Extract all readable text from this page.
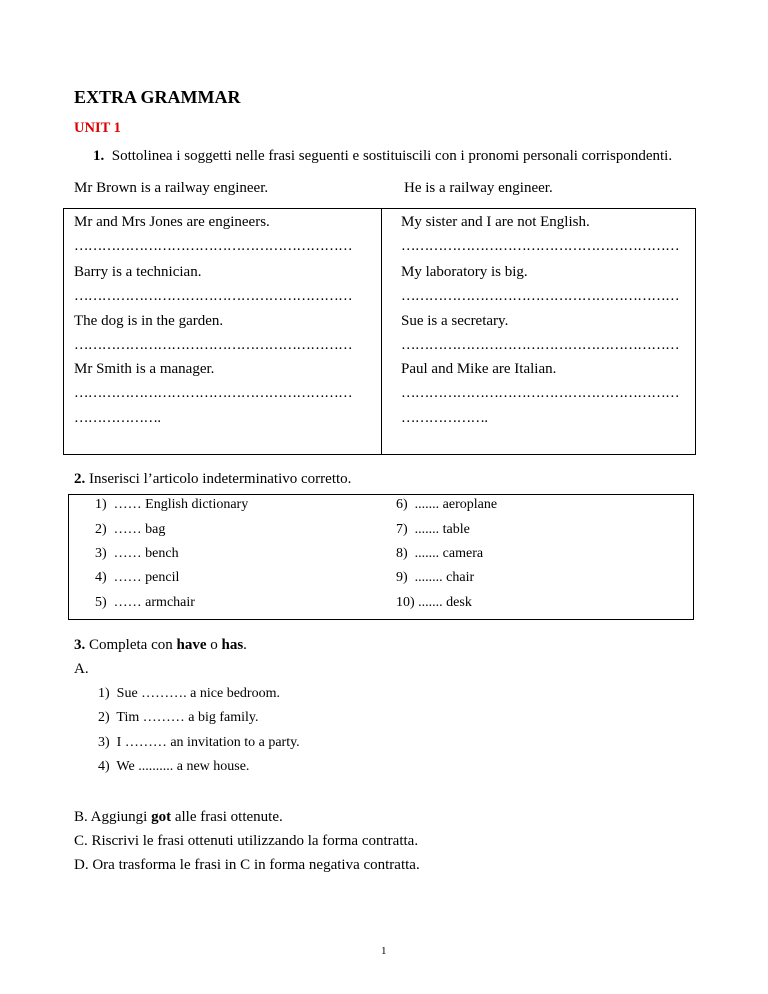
EXTRA GRAMMAR
UNIT 1
1. Sottolinea i soggetti nelle frasi seguenti e sostituiscili con i pronomi personali corrispondenti.
Mr Brown is a railway engineer.	He is a railway engineer.
Mr and Mrs Jones are engineers.
……………………………………………………
Barry is a technician.
……………………………………………………
The dog is in the garden.
……………………………………………………
Mr Smith is a manager.
……………………………………………………
……………….
My sister and I are not English.
……………………………………………………
My laboratory is big.
……………………………………………………
Sue is a secretary.
……………………………………………………
Paul and Mike are Italian.
……………………………………………………
……………….
2. Inserisci l’articolo indeterminativo corretto.
1) …… English dictionary
2) …… bag
3) …… bench
4) …… pencil
5) …… armchair
6) ....... aeroplane
7) ....... table
8) ....... camera
9) ........ chair
10) ....... desk
3. Completa con have o has.
A.
1) Sue ………. a nice bedroom.
2) Tim ……… a big family.
3) I ……… an invitation to a party.
4) We .......... a new house.
B. Aggiungi got alle frasi ottenute.
C. Riscrivi le frasi ottenuti utilizzando la forma contratta.
D. Ora trasforma le frasi in C in forma negativa contratta.
1
